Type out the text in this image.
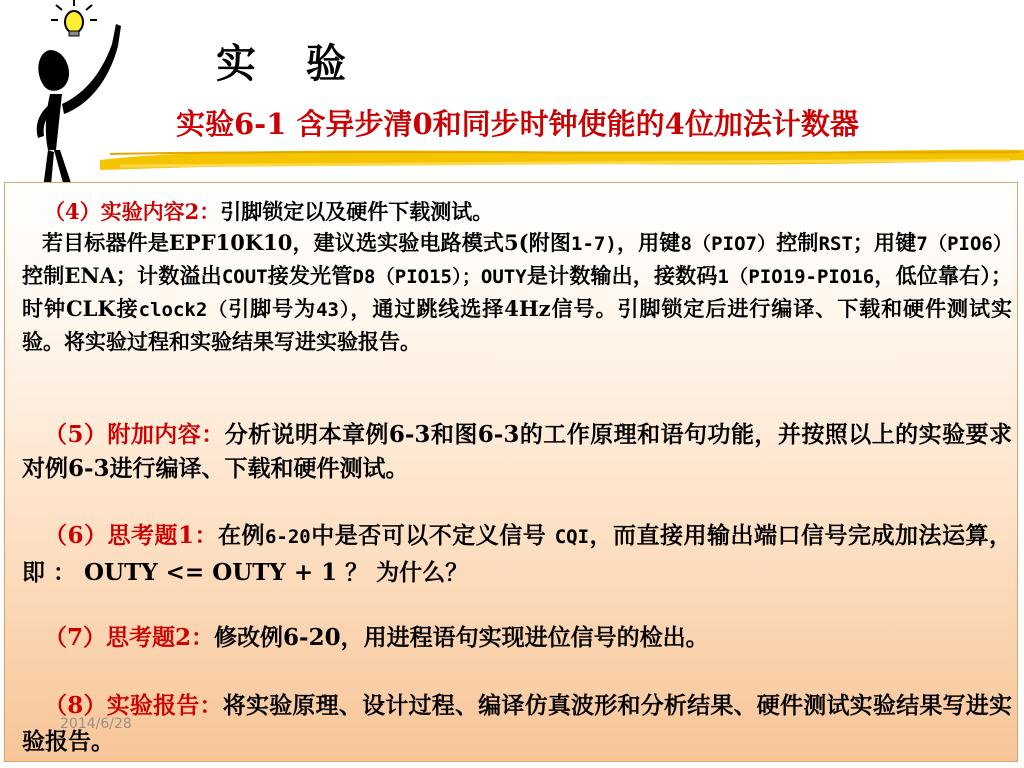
实 验
实验6-1 含异步清0和同步时钟使能的4位加法计数器
（4）实验内容2：引脚锁定以及硬件下载测试。
若目标器件是EPF10K10，建议选实验电路模式5(附图1-7)，用键8（PIO7）控制RST；用键7（PIO6）控制ENA；计数溢出COUT接发光管D8（PIO15）；OUTY是计数输出，接数码1（PIO19-PIO16，低位靠右）；时钟CLK接clock2（引脚号为43），通过跳线选择4Hz信号。引脚锁定后进行编译、下载和硬件测试实验。将实验过程和实验结果写进实验报告。
（5）附加内容：分析说明本章例6-3和图6-3的工作原理和语句功能，并按照以上的实验要求对例6-3进行编译、下载和硬件测试。
（6）思考题1：在例6-20中是否可以不定义信号 CQI，而直接用输出端口信号完成加法运算，即 ： OUTY <= OUTY + 1 ？ 为什么？
（7）思考题2：修改例6-20，用进程语句实现进位信号的检出。
（8）实验报告：将实验原理、设计过程、编译仿真波形和分析结果、硬件测试实验结果写进实验报告。
2014/6/28
